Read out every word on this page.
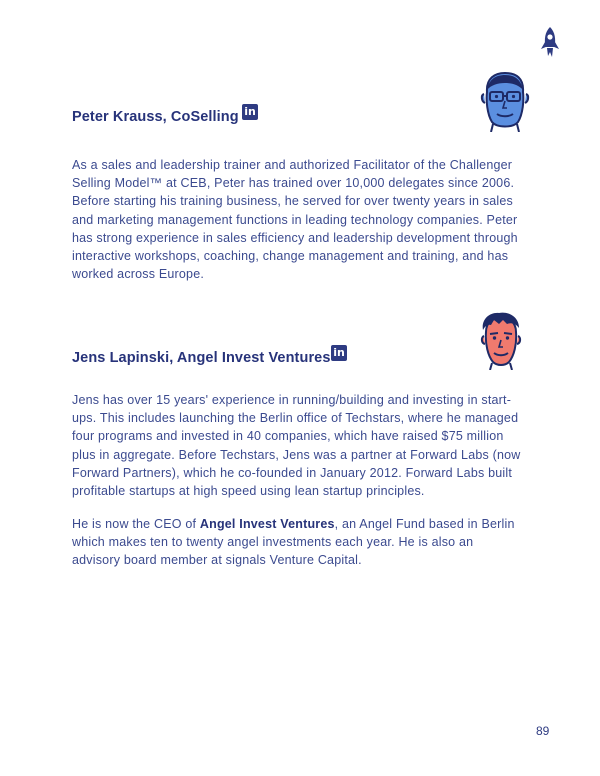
Peter Krauss, CoSelling in

As a sales and leadership trainer and authorized Facilitator of the Challenger Selling Model™ at CEB, Peter has trained over 10,000 delegates since 2006. Before starting his training business, he served for over twenty years in sales and marketing management functions in leading technology companies. Peter has strong experience in sales efficiency and leadership development through interactive workshops, coaching, change management and training, and has worked across Europe.

Jens Lapinski, Angel Invest Ventures in

Jens has over 15 years' experience in running/building and investing in start-ups. This includes launching the Berlin office of Techstars, where he managed four programs and invested in 40 companies, which have raised $75 million plus in aggregate. Before Techstars, Jens was a partner at Forward Labs (now Forward Partners), which he co-founded in January 2012. Forward Labs built profitable startups at high speed using lean startup principles.

He is now the CEO of Angel Invest Ventures, an Angel Fund based in Berlin which makes ten to twenty angel investments each year. He is also an advisory board member at signals Venture Capital.

89
